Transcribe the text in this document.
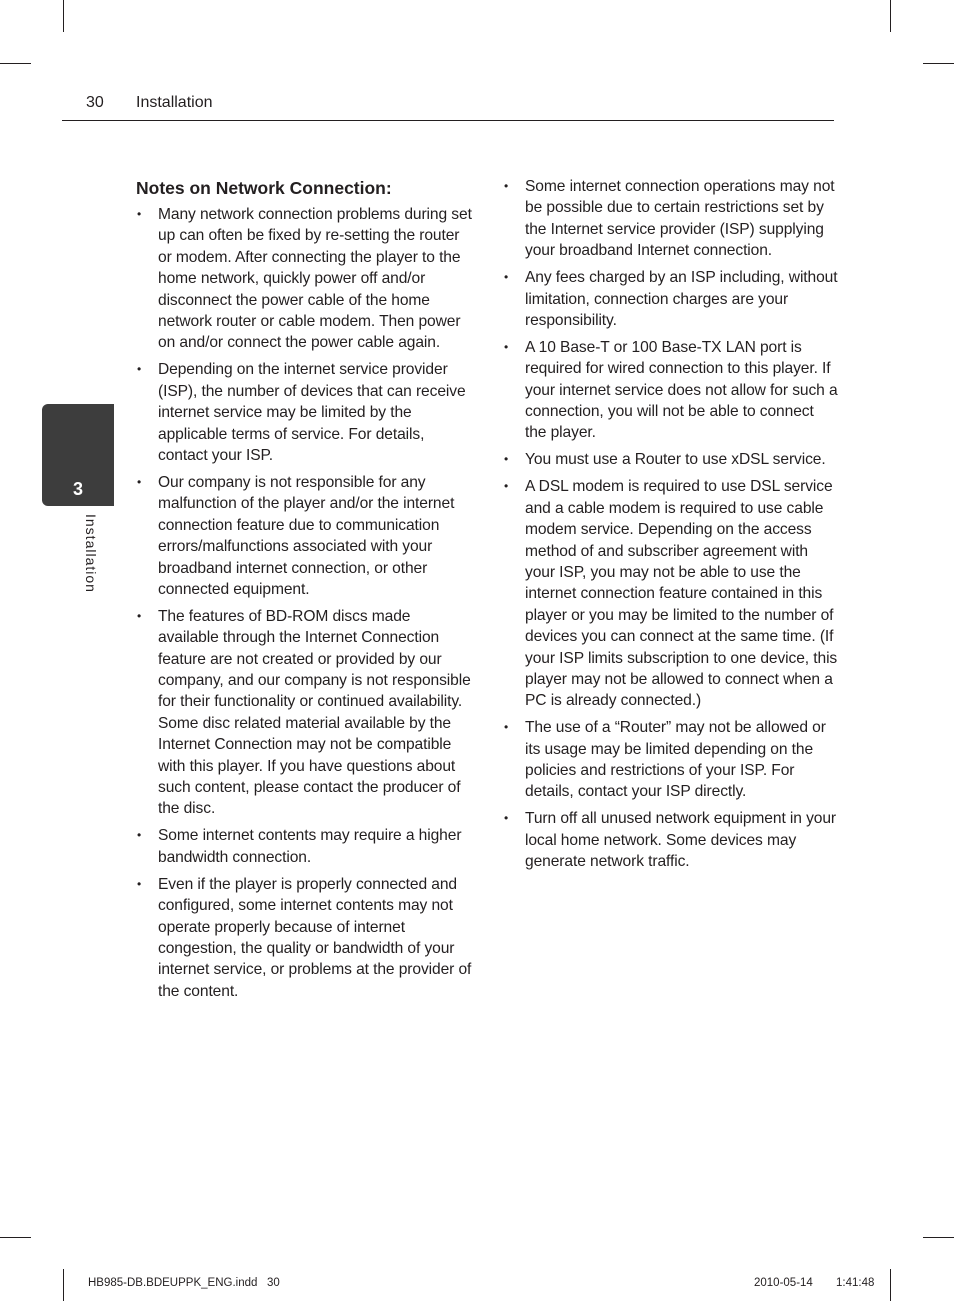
30 Installation
3
Installation
Notes on Network Connection:
• Many network connection problems during set up can often be fixed by re-setting the router or modem. After connecting the player to the home network, quickly power off and/or disconnect the power cable of the home network router or cable modem. Then power on and/or connect the power cable again.
• Depending on the internet service provider (ISP), the number of devices that can receive internet service may be limited by the applicable terms of service. For details, contact your ISP.
• Our company is not responsible for any malfunction of the player and/or the internet connection feature due to communication errors/malfunctions associated with your broadband internet connection, or other connected equipment.
• The features of BD-ROM discs made available through the Internet Connection feature are not created or provided by our company, and our company is not responsible for their functionality or continued availability. Some disc related material available by the Internet Connection may not be compatible with this player. If you have questions about such content, please contact the producer of the disc.
• Some internet contents may require a higher bandwidth connection.
• Even if the player is properly connected and configured, some internet contents may not operate properly because of internet congestion, the quality or bandwidth of your internet service, or problems at the provider of the content.
• Some internet connection operations may not be possible due to certain restrictions set by the Internet service provider (ISP) supplying your broadband Internet connection.
• Any fees charged by an ISP including, without limitation, connection charges are your responsibility.
• A 10 Base-T or 100 Base-TX LAN port is required for wired connection to this player. If your internet service does not allow for such a connection, you will not be able to connect the player.
• You must use a Router to use xDSL service.
• A DSL modem is required to use DSL service and a cable modem is required to use cable modem service. Depending on the access method of and subscriber agreement with your ISP, you may not be able to use the internet connection feature contained in this player or you may be limited to the number of devices you can connect at the same time. (If your ISP limits subscription to one device, this player may not be allowed to connect when a PC is already connected.)
• The use of a “Router” may not be allowed or its usage may be limited depending on the policies and restrictions of your ISP. For details, contact your ISP directly.
• Turn off all unused network equipment in your local home network. Some devices may generate network traffic.
HB985-DB.BDEUPPK_ENG.indd   30	2010-05-14 1:41:48
